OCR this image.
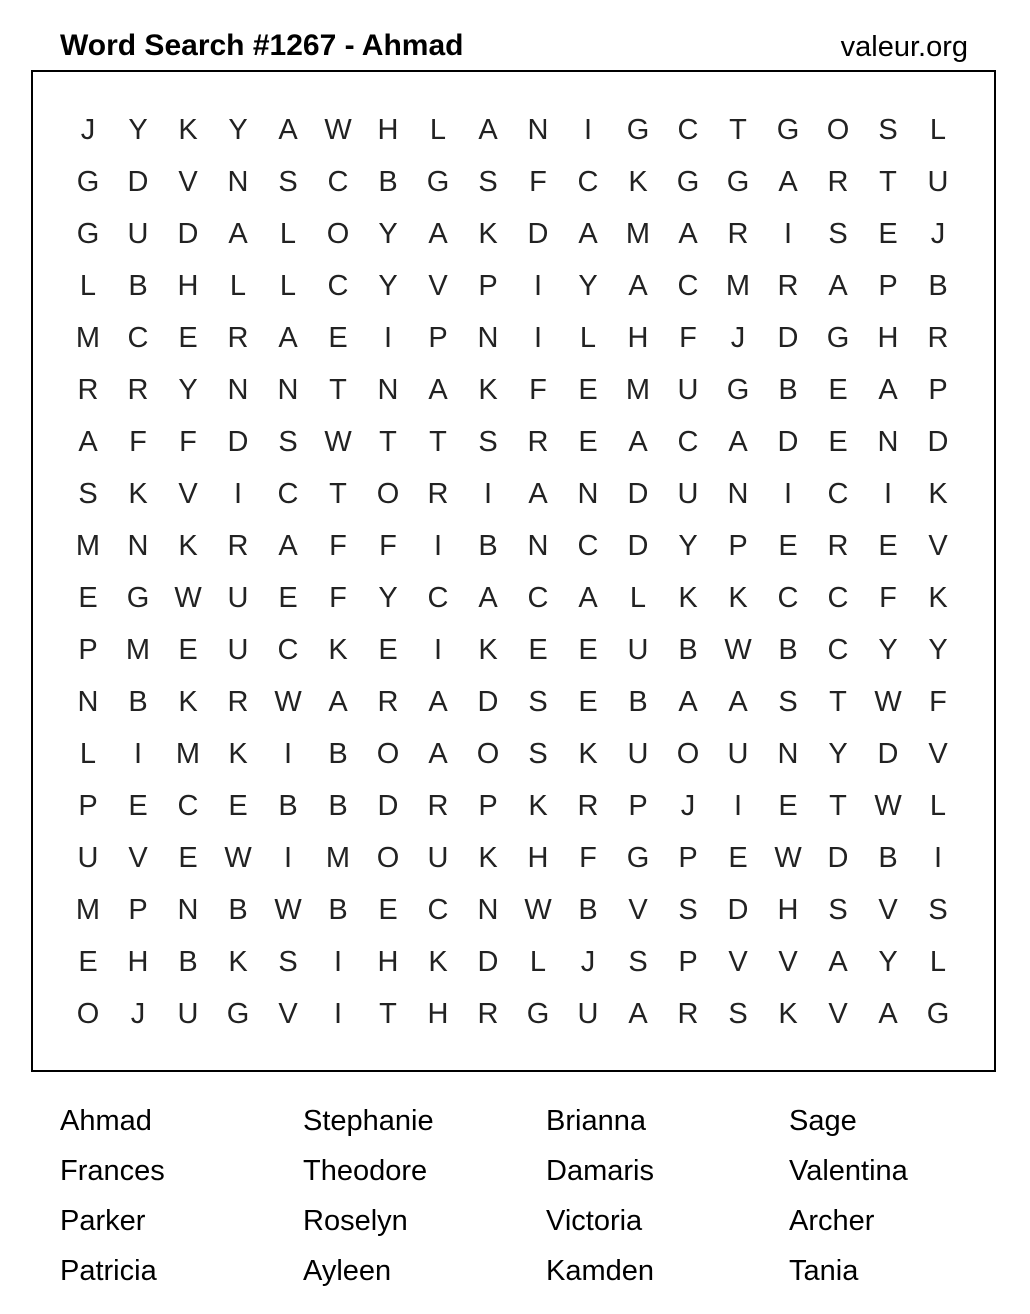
Word Search #1267 - Ahmad	valeur.org
J	Y	K	Y	A W H	L	A	N	I	G C	T	G O	S	L
G D	V	N	S	C	B	G	S	F	C	K	G G	A	R	T	U
G U	D	A	L	O	Y	A	K	D	A M A	R	I	S	E	J
L	B	H	L	L	C	Y	V	P	I	Y	A	C M R	A	P	B
M C	E	R	A	E	I	P	N	I	L	H	F	J	D G H	R
R	R	Y	N	N	T	N	A	K	F	E M U G	B	E	A	P
A	F	F	D	S W T	T	S	R	E	A	C	A	D	E	N	D
S	K	V	I	C	T	O R	I	A	N	D	U	N	I	C	I	K
M N	K	R	A	F	F	I	B	N	C	D	Y	P	E	R	E	V
E	G W U	E	F	Y	C	A	C	A	L	K	K	C	C	F	K
P M E	U	C	K	E	I	K	E	E	U	B W B	C	Y	Y
N	B	K	R W A	R	A	D	S	E	B	A	A	S	T W F
L	I	M K	I	B	O	A	O	S	K	U O U	N	Y	D	V
P	E	C	E	B	B	D	R	P	K	R	P	J	I	E	T W L
U	V	E W	I	M O U	K	H	F	G	P	E W D	B	I
M P	N	B W B	E	C	N W B	V	S	D	H	S	V	S
E	H	B	K	S	I	H	K	D	L	J	S	P	V	V	A	Y	L
O	J	U G	V	I	T	H	R G U	A	R	S	K	V	A	G
Ahmad	Stephanie	Brianna	Sage
Frances	Theodore	Damaris	Valentina
Parker	Roselyn	Victoria	Archer
Patricia	Ayleen	Kamden	Tania
